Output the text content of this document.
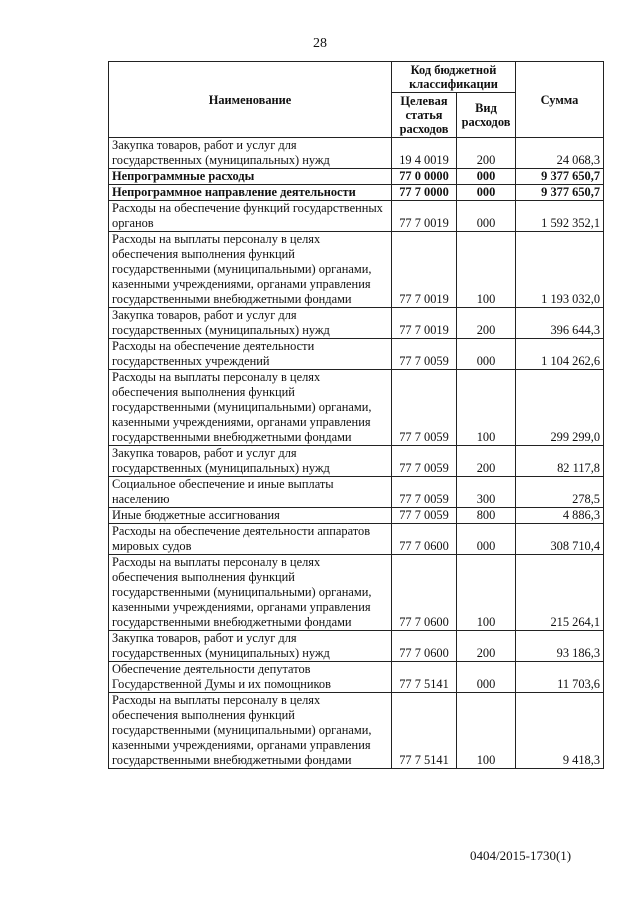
28
Наименование	Код бюджетной классификации		Сумма
	Целевая статья расходов	Вид расходов	
Закупка товаров, работ и услуг для государственных (муниципальных) нужд	19 4 0019	200	24 068,3
Непрограммные расходы	77 0 0000	000	9 377 650,7
Непрограммное направление деятельности	77 7 0000	000	9 377 650,7
Расходы на обеспечение функций государственных органов	77 7 0019	000	1 592 352,1
Расходы на выплаты персоналу в целях обеспечения выполнения функций государственными (муниципальными) органами, казенными учреждениями, органами управления государственными внебюджетными фондами	77 7 0019	100	1 193 032,0
Закупка товаров, работ и услуг для государственных (муниципальных) нужд	77 7 0019	200	396 644,3
Расходы на обеспечение деятельности государственных учреждений	77 7 0059	000	1 104 262,6
Расходы на выплаты персоналу в целях обеспечения выполнения функций государственными (муниципальными) органами, казенными учреждениями, органами управления государственными внебюджетными фондами	77 7 0059	100	299 299,0
Закупка товаров, работ и услуг для государственных (муниципальных) нужд	77 7 0059	200	82 117,8
Социальное обеспечение и иные выплаты населению	77 7 0059	300	278,5
Иные бюджетные ассигнования	77 7 0059	800	4 886,3
Расходы на обеспечение деятельности аппаратов мировых судов	77 7 0600	000	308 710,4
Расходы на выплаты персоналу в целях обеспечения выполнения функций государственными (муниципальными) органами, казенными учреждениями, органами управления государственными внебюджетными фондами	77 7 0600	100	215 264,1
Закупка товаров, работ и услуг для государственных (муниципальных) нужд	77 7 0600	200	93 186,3
Обеспечение деятельности депутатов Государственной Думы и их помощников	77 7 5141	000	11 703,6
Расходы на выплаты персоналу в целях обеспечения выполнения функций государственными (муниципальными) органами, казенными учреждениями, органами управления государственными внебюджетными фондами	77 7 5141	100	9 418,3
0404/2015-1730(1)
